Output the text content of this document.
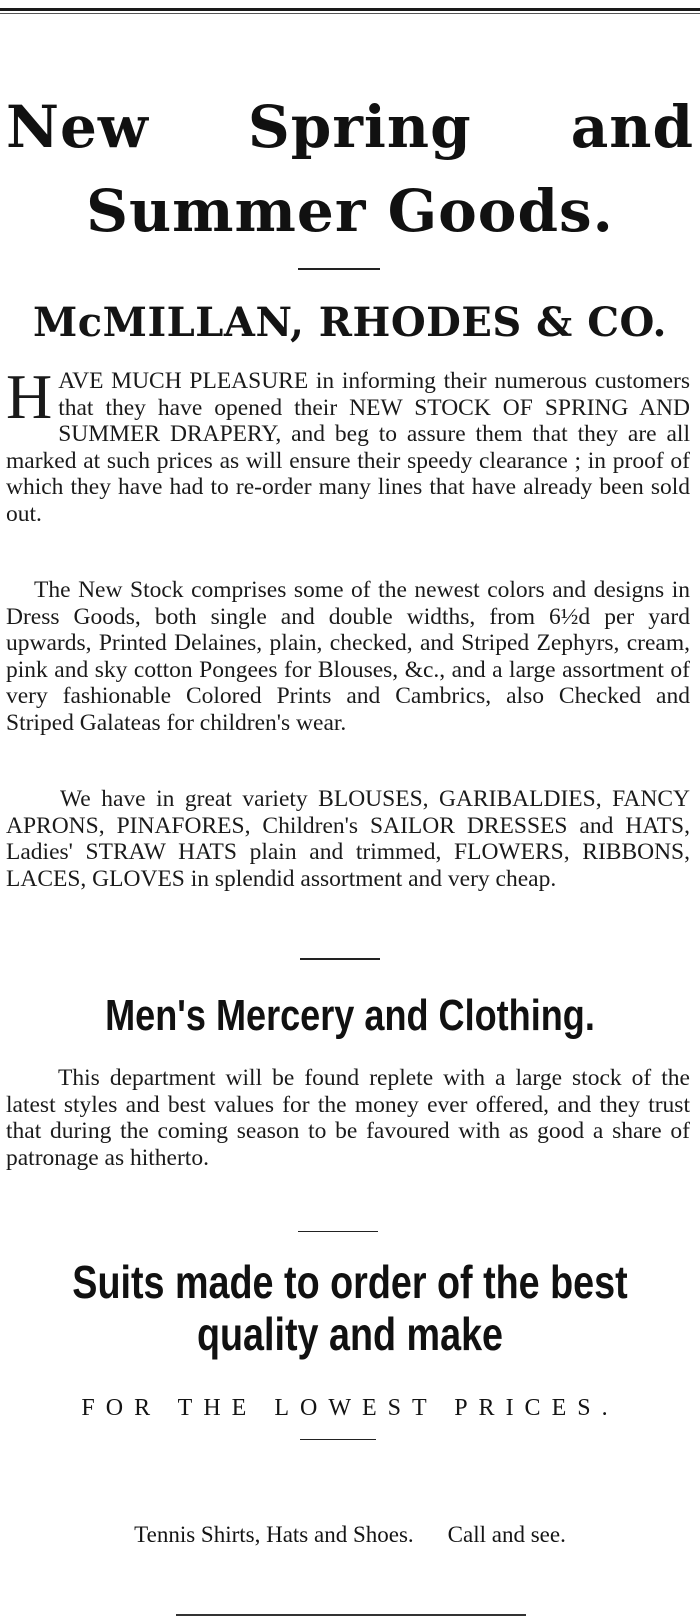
New Spring and
Summer Goods.
McMILLAN, RHODES & CO.

H AVE MUCH PLEASURE in informing their numerous customers that they have opened their NEW STOCK OF SPRING AND SUMMER DRAPERY, and beg to assure them that they are all marked at such prices as will ensure their speedy clearance ; in proof of which they have had to re-order many lines that have already been sold out.

The New Stock comprises some of the newest colors and designs in Dress Goods, both single and double widths, from 6½d per yard upwards, Printed Delaines, plain, checked, and Striped Zephyrs, cream, pink and sky cotton Pongees for Blouses, &c., and a large assortment of very fashionable Colored Prints and Cambrics, also Checked and Striped Galateas for children's wear.

We have in great variety BLOUSES, GARIBALDIES, FANCY APRONS, PINAFORES, Children's SAILOR DRESSES and HATS, Ladies' STRAW HATS plain and trimmed, FLOWERS, RIBBONS, LACES, GLOVES in splendid assortment and very cheap.

Men's Mercery and Clothing.

This department will be found replete with a large stock of the latest styles and best values for the money ever offered, and they trust that during the coming season to be favoured with as good a share of patronage as hitherto.

Suits made to order of the best quality and make

FOR THE LOWEST PRICES.

Tennis Shirts, Hats and Shoes. Call and see.
